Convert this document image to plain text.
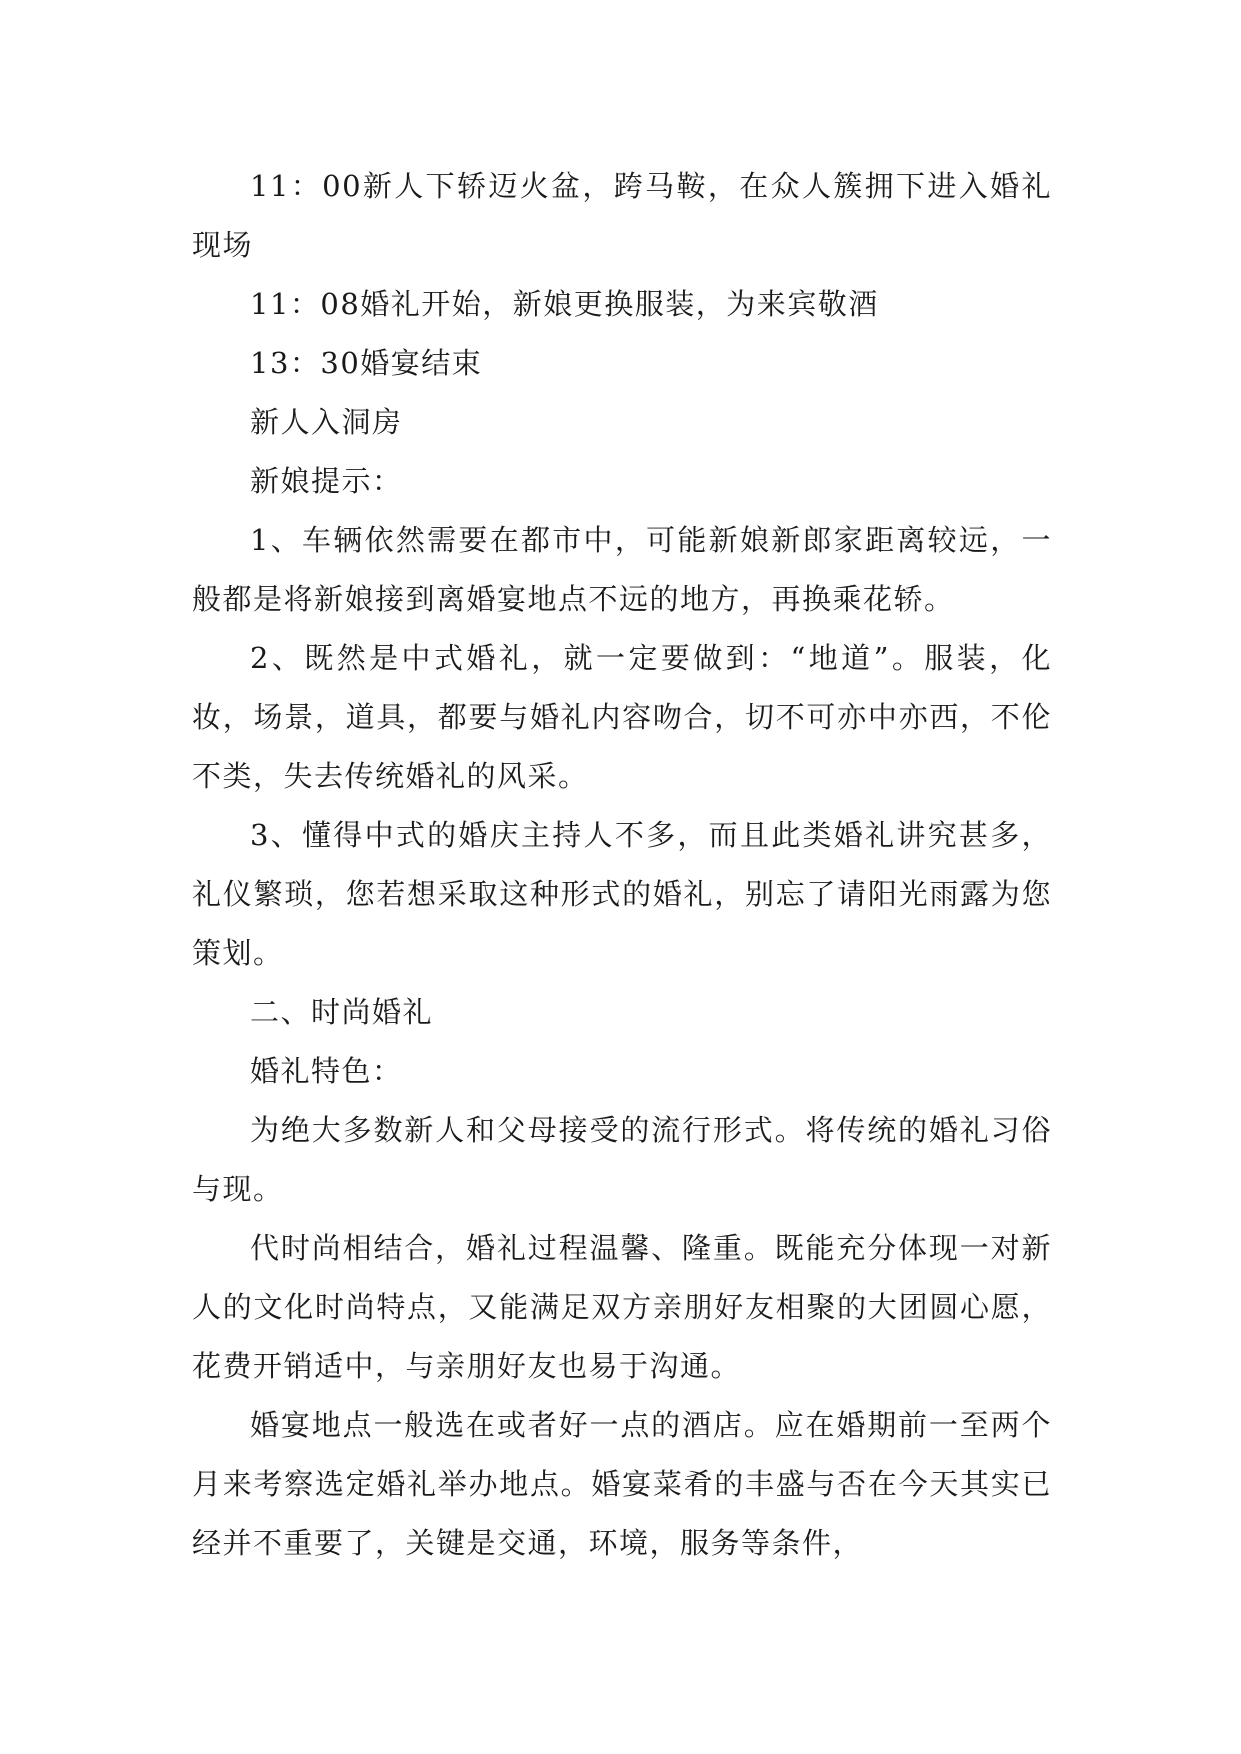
11：00新人下轿迈火盆，跨马鞍，在众人簇拥下进入婚礼现场

11：08婚礼开始，新娘更换服装，为来宾敬酒

13：30婚宴结束

新人入洞房

新娘提示：

1、车辆依然需要在都市中，可能新娘新郎家距离较远，一般都是将新娘接到离婚宴地点不远的地方，再换乘花轿。

2、既然是中式婚礼，就一定要做到：“地道”。服装，化妆，场景，道具，都要与婚礼内容吻合，切不可亦中亦西，不伦不类，失去传统婚礼的风采。

3、懂得中式的婚庆主持人不多，而且此类婚礼讲究甚多，礼仪繁琐，您若想采取这种形式的婚礼，别忘了请阳光雨露为您策划。

二、时尚婚礼

婚礼特色：

为绝大多数新人和父母接受的流行形式。将传统的婚礼习俗与现。

代时尚相结合，婚礼过程温馨、隆重。既能充分体现一对新人的文化时尚特点，又能满足双方亲朋好友相聚的大团圆心愿，花费开销适中，与亲朋好友也易于沟通。

婚宴地点一般选在或者好一点的酒店。应在婚期前一至两个月来考察选定婚礼举办地点。婚宴菜肴的丰盛与否在今天其实已经并不重要了，关键是交通，环境，服务等条件，
